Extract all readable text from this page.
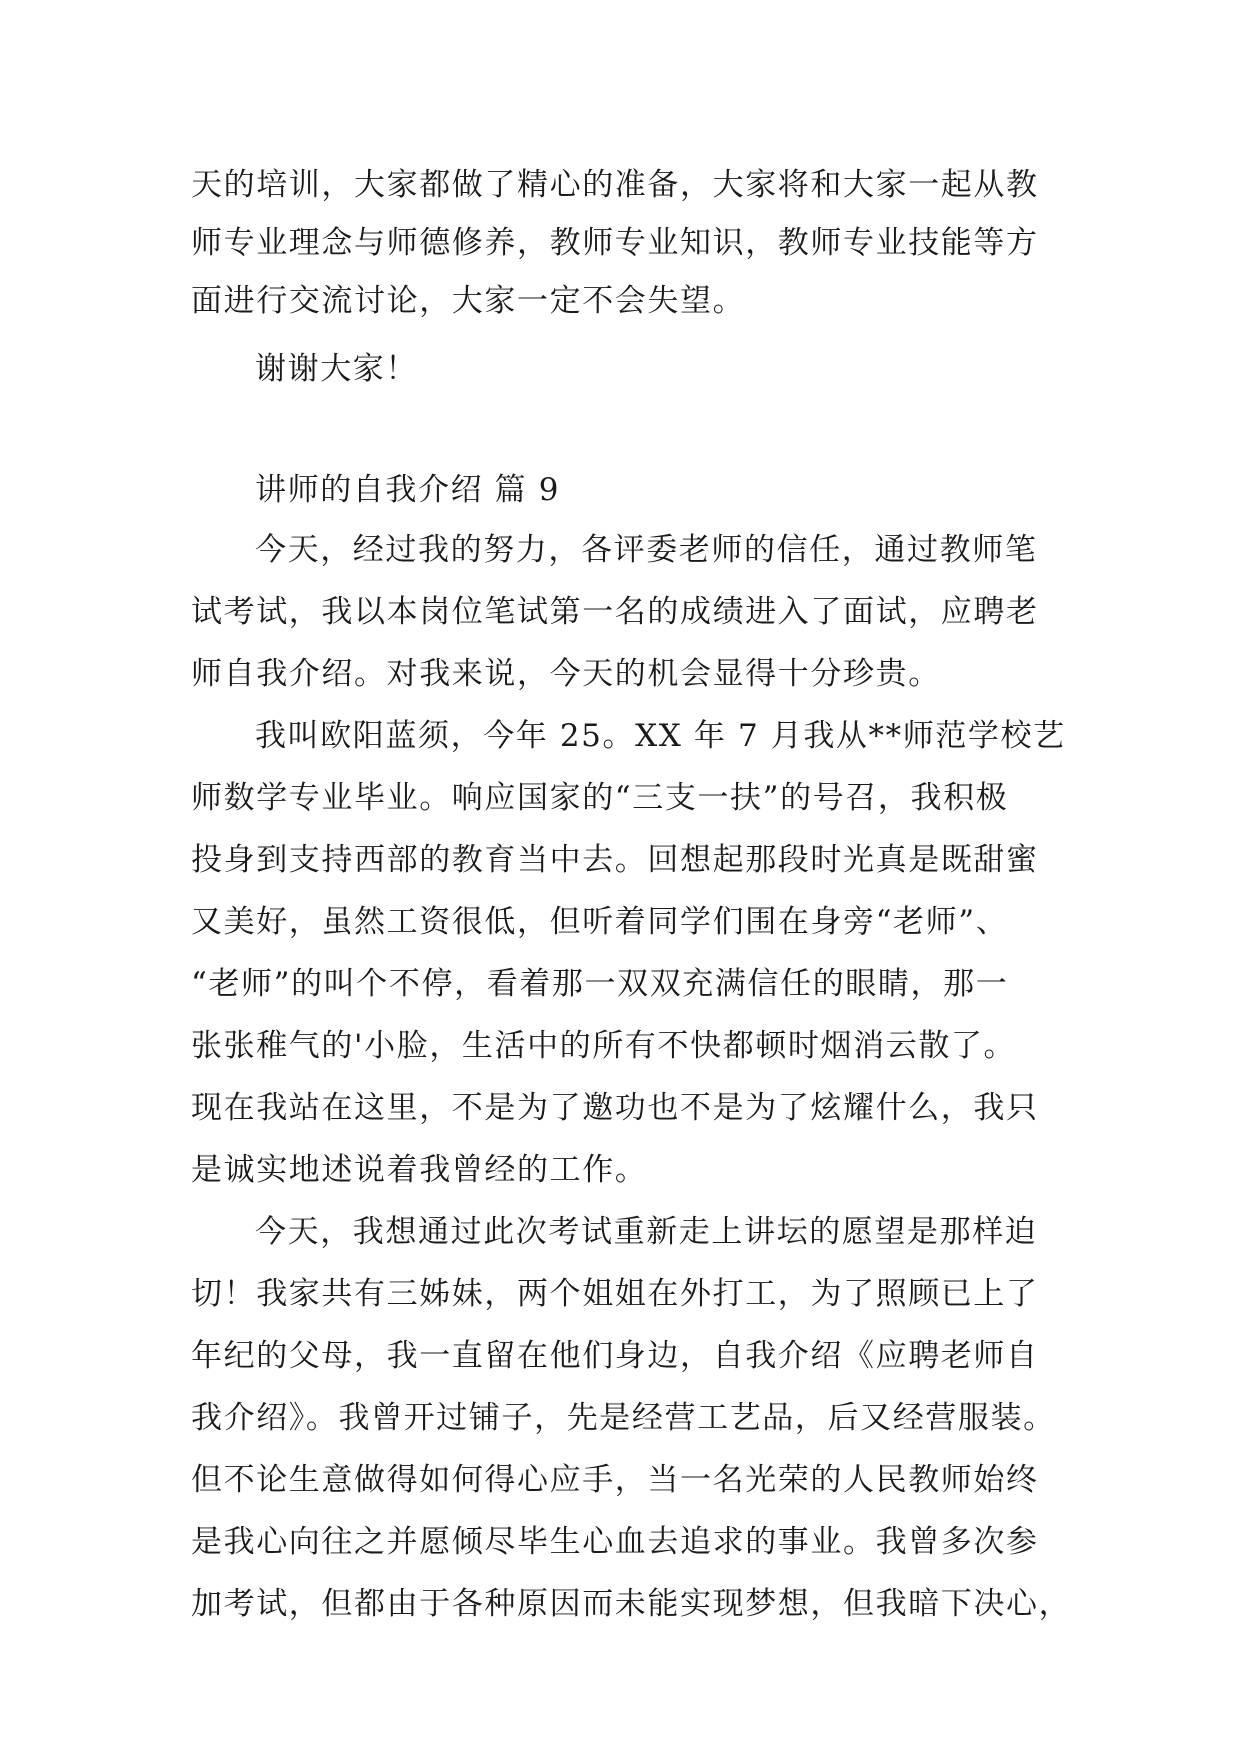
天的培训，大家都做了精心的准备，大家将和大家一起从教

师专业理念与师德修养，教师专业知识，教师专业技能等方

面进行交流讨论，大家一定不会失望。

谢谢大家！

讲师的自我介绍 篇 9

今天，经过我的努力，各评委老师的信任，通过教师笔

试考试，我以本岗位笔试第一名的成绩进入了面试，应聘老

师自我介绍。对我来说，今天的机会显得十分珍贵。

我叫欧阳蓝须，今年 25。XX 年 7 月我从**师范学校艺

师数学专业毕业。响应国家的“三支一扶”的号召，我积极

投身到支持西部的教育当中去。回想起那段时光真是既甜蜜

又美好，虽然工资很低，但听着同学们围在身旁“老师”、

“老师”的叫个不停，看着那一双双充满信任的眼睛，那一

张张稚气的'小脸，生活中的所有不快都顿时烟消云散了。

现在我站在这里，不是为了邀功也不是为了炫耀什么，我只

是诚实地述说着我曾经的工作。

今天，我想通过此次考试重新走上讲坛的愿望是那样迫

切！我家共有三姊妹，两个姐姐在外打工，为了照顾已上了

年纪的父母，我一直留在他们身边，自我介绍《应聘老师自

我介绍》。我曾开过铺子，先是经营工艺品，后又经营服装。

但不论生意做得如何得心应手，当一名光荣的人民教师始终

是我心向往之并愿倾尽毕生心血去追求的事业。我曾多次参

加考试，但都由于各种原因而未能实现梦想，但我暗下决心，
